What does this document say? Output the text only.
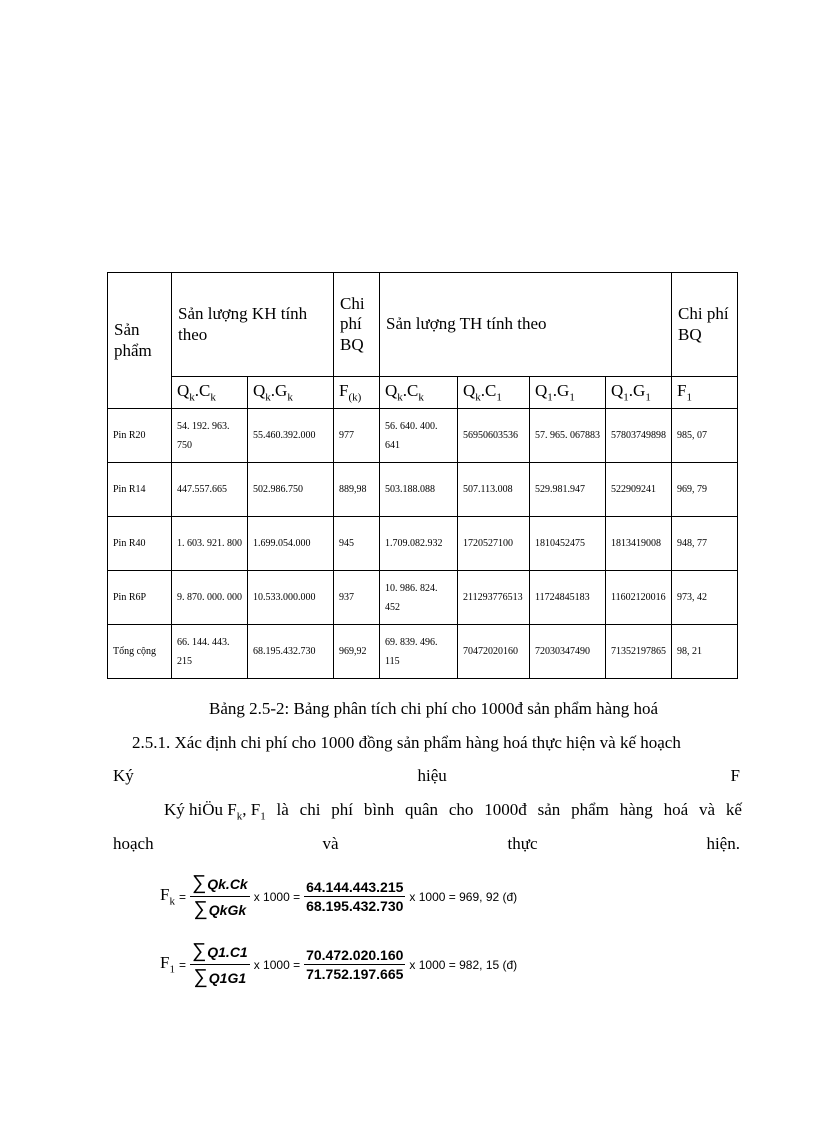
Sản phẩm	Sản lượng KH tính theo		Chi phí BQ	Sản lượng TH tính theo				Chi phí BQ
	$Q_k.C_k$	$Q_k.G_k$	$F_{(k)}$	$Q_k.C_k$	$Q_k.C_1$	$Q_1.G_1$	$Q_1.G_1$	$F_1$
Pin R20	54. 192. 963. 750	55.460.392.000	977	56. 640. 400. 641	56950603536	57. 965. 067883	5780374989​8	985, 07
Pin R14	447.557.665	502.986.750	889,98	503.188.088	507.113.008	529.981.947	522909241	969, 79
Pin R40	1. 603. 921. 800	1.699.054.000	945	1.709.082.932	1720527100	1810452475	1813419008	948, 77
Pin R6P	9. 870. 000. 000	10.533.000.000	937	10. 986. 824. 452	21129377651​3	11724845183	11602120016	973, 42
Tổng cộng	66. 144. 443. 215	68.195.432.730	969,92	69. 839. 496. 115	70472020160	72030347490	71352197865	98, 21
Bảng 2.5-2: Bảng phân tích chi phí cho 1000đ sản phẩm hàng hoá
2.5.1. Xác định chi phí cho 1000 đồng sản phẩm hàng hoá thực hiện và kế hoạch
Ký	hiệu	F
Ký hiÖu $F_k$, $F_1$ là chi phí bình quân cho 1000đ sản phẩm hàng hoá và kế
hoạch	và	thực	hiện.
$F_k = \frac{\sum Qk.Ck}{\text{∑QkGk}}$ x $1000 = \frac{64.144.443.215}{68.195.432.730}$ x 1000 = 969, 92 (đ)
$F_1 = \frac{\sum Q1.C1}{\sum Q1G1}$ x $1000 = \frac{70.472.020.160}{71.752.197.665}$ x 1000 = 982, 15 (đ)
